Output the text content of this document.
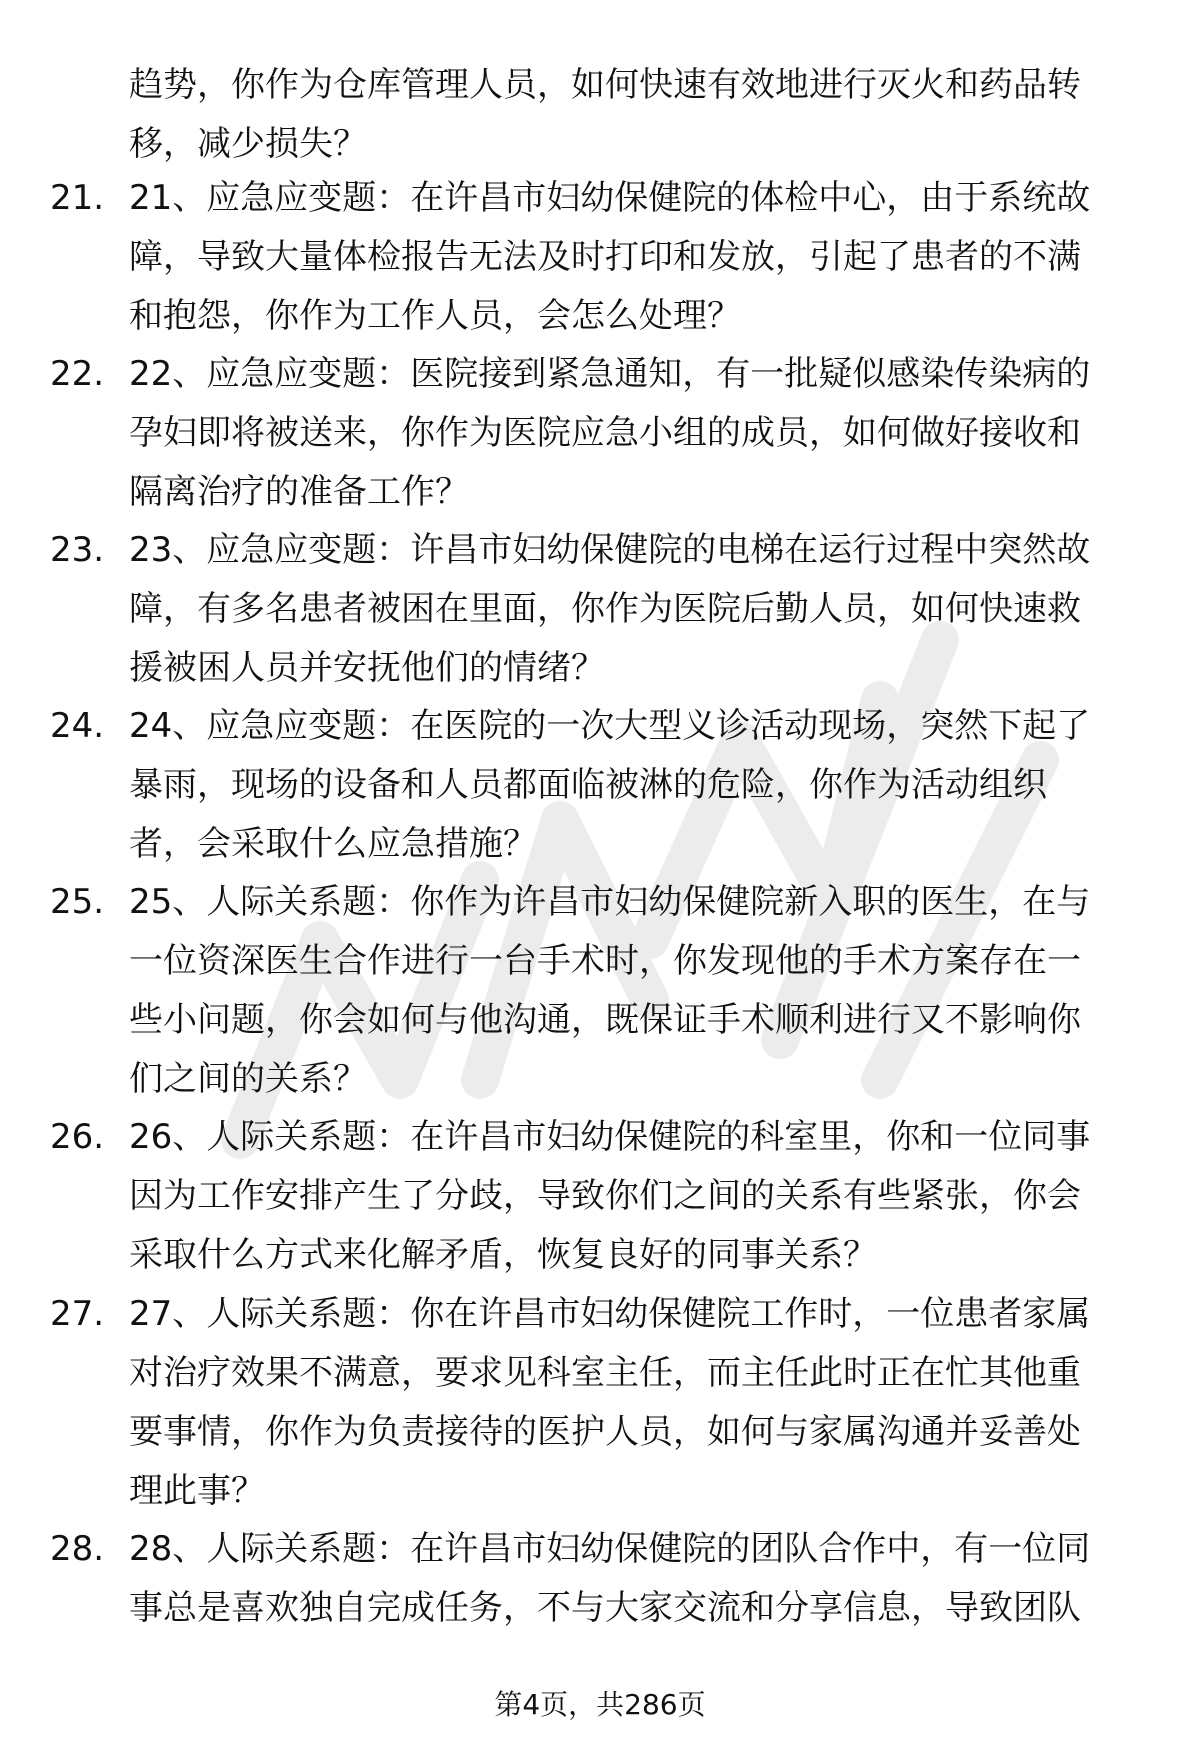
趋势，你作为仓库管理人员，如何快速有效地进行灭火和药品转
移，减少损失？
21. 21、应急应变题：在许昌市妇幼保健院的体检中心，由于系统故
障，导致大量体检报告无法及时打印和发放，引起了患者的不满
和抱怨，你作为工作人员，会怎么处理？
22. 22、应急应变题：医院接到紧急通知，有一批疑似感染传染病的
孕妇即将被送来，你作为医院应急小组的成员，如何做好接收和
隔离治疗的准备工作？
23. 23、应急应变题：许昌市妇幼保健院的电梯在运行过程中突然故
障，有多名患者被困在里面，你作为医院后勤人员，如何快速救
援被困人员并安抚他们的情绪？
24. 24、应急应变题：在医院的一次大型义诊活动现场，突然下起了
暴雨，现场的设备和人员都面临被淋的危险，你作为活动组织
者，会采取什么应急措施？
25. 25、人际关系题：你作为许昌市妇幼保健院新入职的医生，在与
一位资深医生合作进行一台手术时，你发现他的手术方案存在一
些小问题，你会如何与他沟通，既保证手术顺利进行又不影响你
们之间的关系？
26. 26、人际关系题：在许昌市妇幼保健院的科室里，你和一位同事
因为工作安排产生了分歧，导致你们之间的关系有些紧张，你会
采取什么方式来化解矛盾，恢复良好的同事关系？
27. 27、人际关系题：你在许昌市妇幼保健院工作时，一位患者家属
对治疗效果不满意，要求见科室主任，而主任此时正在忙其他重
要事情，你作为负责接待的医护人员，如何与家属沟通并妥善处
理此事？
28. 28、人际关系题：在许昌市妇幼保健院的团队合作中，有一位同
事总是喜欢独自完成任务，不与大家交流和分享信息，导致团队
第4页，共286页
